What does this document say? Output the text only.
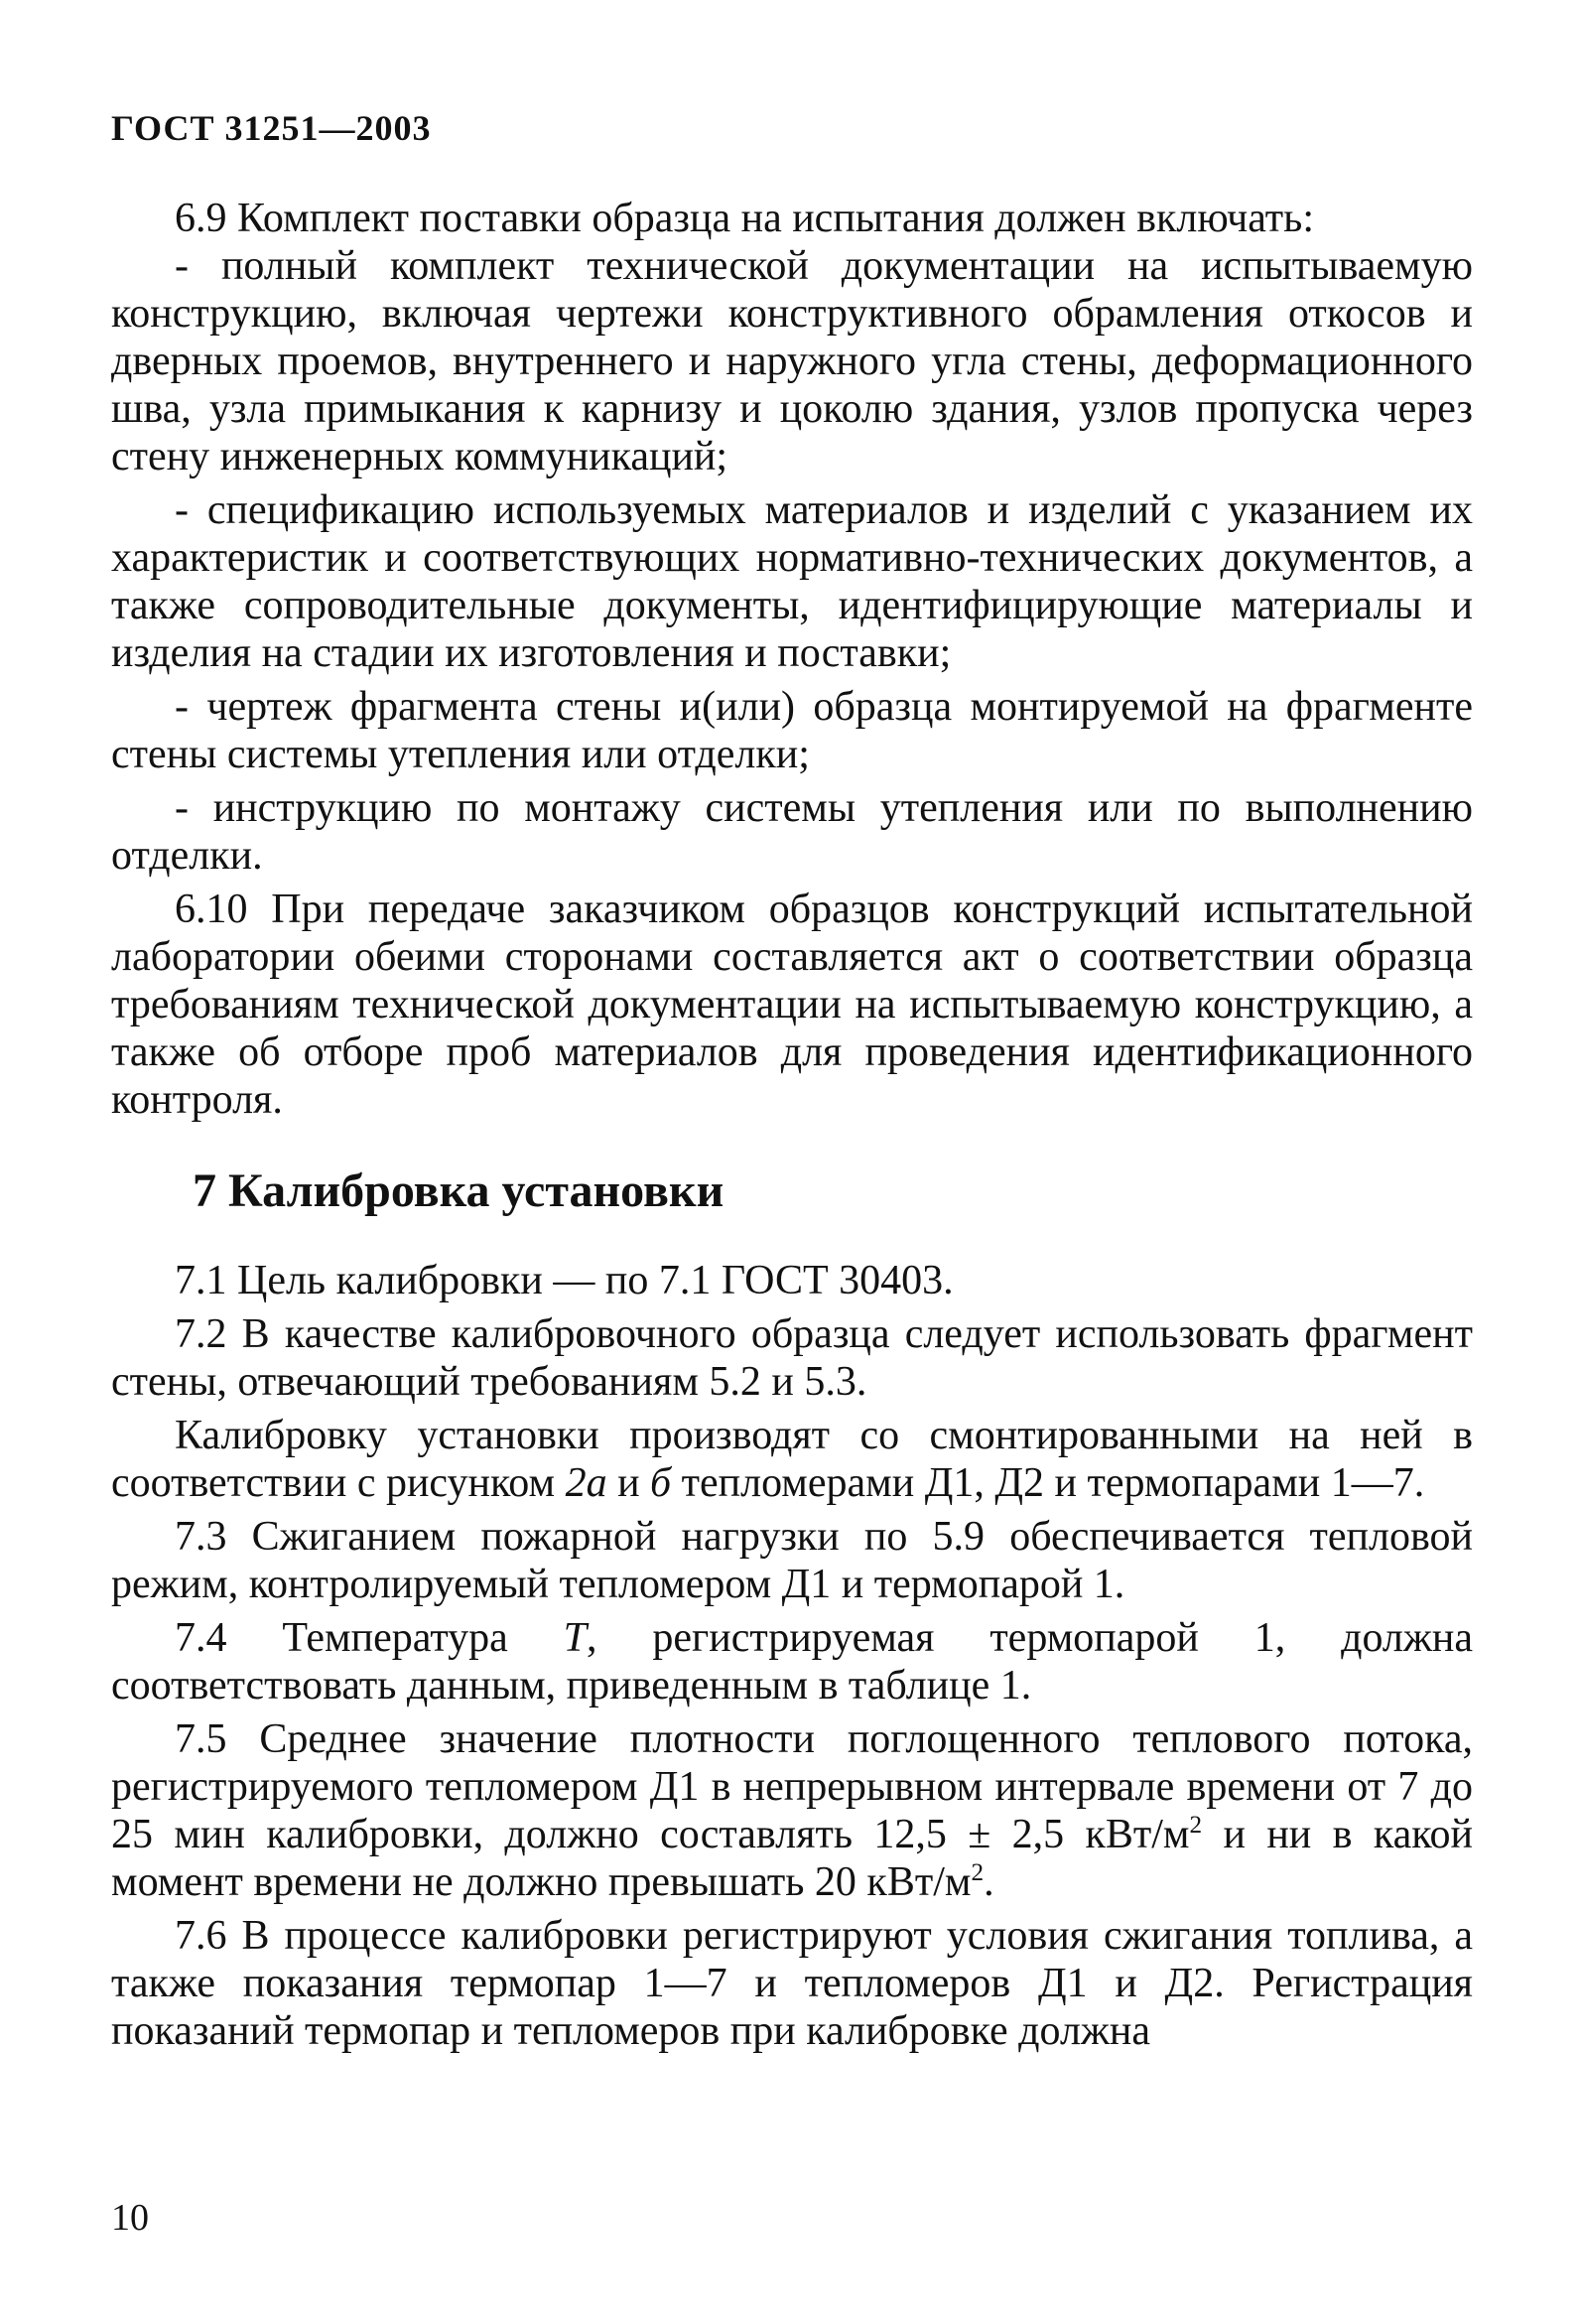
ГОСТ 31251—2003

6.9 Комплект поставки образца на испытания должен включать:

- полный комплект технической документации на испытываемую конструкцию, включая чертежи конструктивного обрамления откосов и дверных проемов, внутреннего и наружного угла стены, деформационного шва, узла примыкания к карнизу и цоколю здания, узлов пропуска через стену инженерных коммуникаций;

- спецификацию используемых материалов и изделий с указанием их характеристик и соответствующих нормативно-технических документов, а также сопроводительные документы, идентифицирующие материалы и изделия на стадии их изготовления и поставки;

- чертеж фрагмента стены и(или) образца монтируемой на фрагменте стены системы утепления или отделки;

- инструкцию по монтажу системы утепления или по выполнению отделки.

6.10 При передаче заказчиком образцов конструкций испытательной лаборатории обеими сторонами составляется акт о соответствии образца требованиям технической документации на испытываемую конструкцию, а также об отборе проб материалов для проведения идентификационного контроля.

7 Калибровка установки

7.1 Цель калибровки — по 7.1 ГОСТ 30403.

7.2 В качестве калибровочного образца следует использовать фрагмент стены, отвечающий требованиям 5.2 и 5.3.

Калибровку установки производят со смонтированными на ней в соответствии с рисунком 2а и б тепломерами Д1, Д2 и термопарами 1—7.

7.3 Сжиганием пожарной нагрузки по 5.9 обеспечивается тепловой режим, контролируемый тепломером Д1 и термопарой 1.

7.4 Температура Т, регистрируемая термопарой 1, должна соответствовать данным, приведенным в таблице 1.

7.5 Среднее значение плотности поглощенного теплового потока, регистрируемого тепломером Д1 в непрерывном интервале времени от 7 до 25 мин калибровки, должно составлять 12,5 ± 2,5 кВт/$м^2$ и ни в какой момент времени не должно превышать 20 кВт/$м^2$.

7.6 В процессе калибровки регистрируют условия сжигания топлива, а также показания термопар 1—7 и тепломеров Д1 и Д2. Регистрация показаний термопар и тепломеров при калибровке должна

10
